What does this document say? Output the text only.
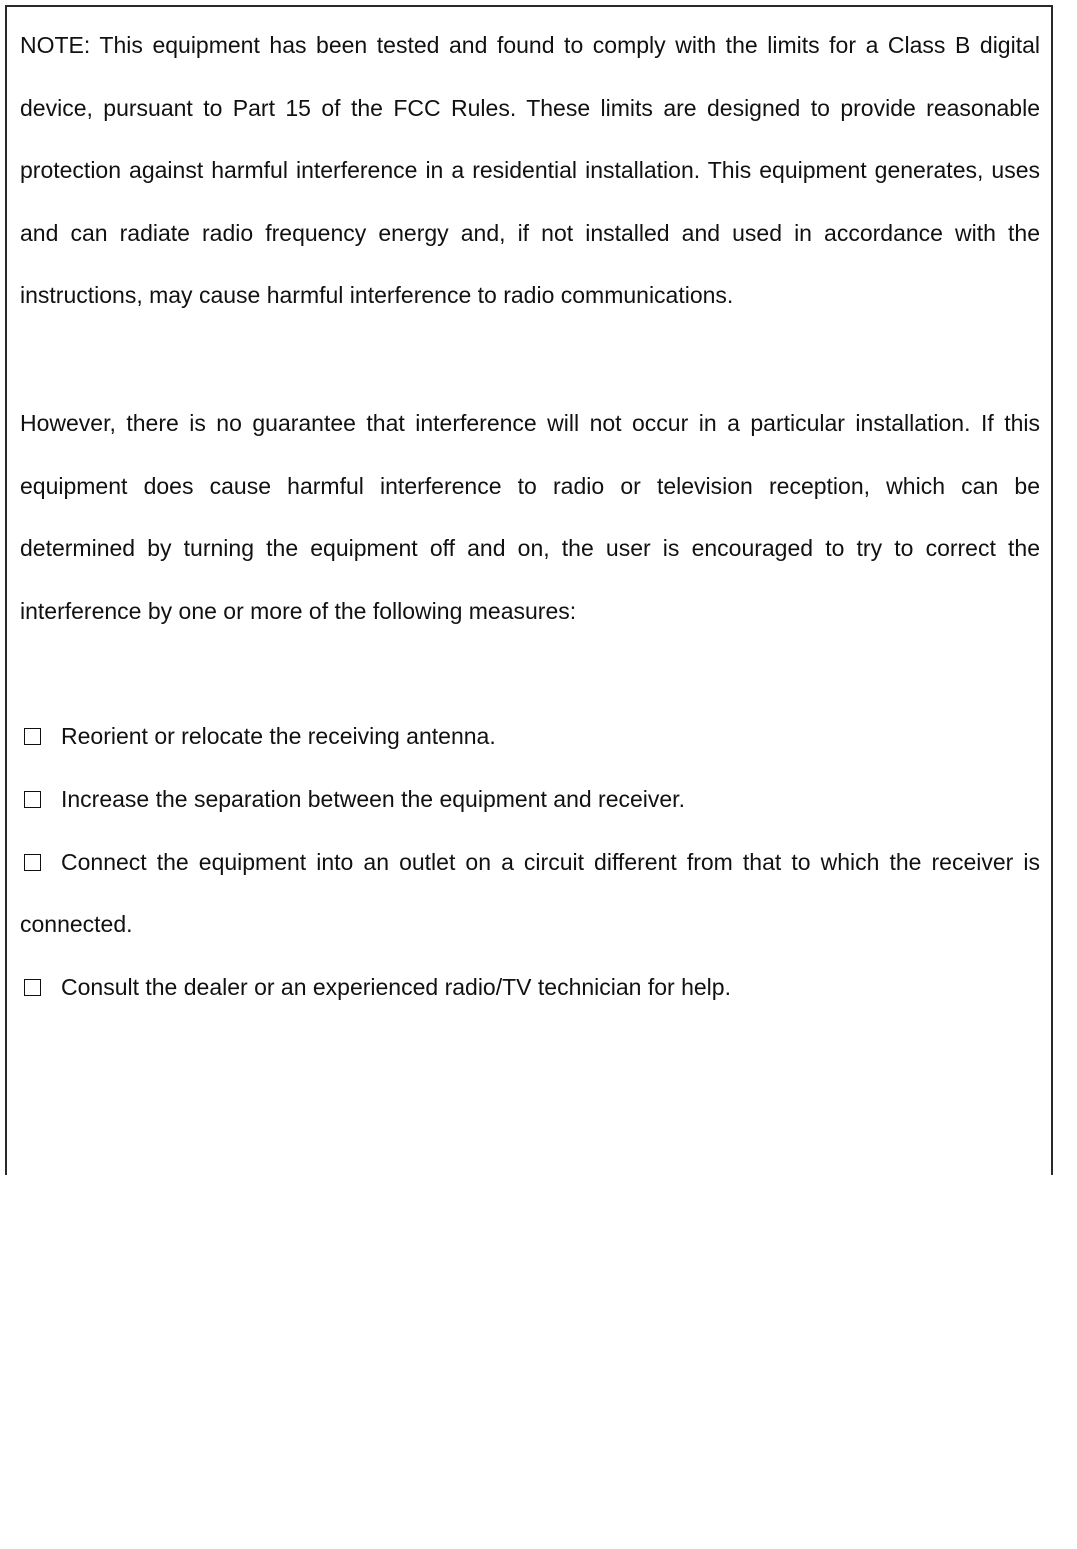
NOTE: This equipment has been tested and found to comply with the limits for a Class B digital device, pursuant to Part 15 of the FCC Rules. These limits are designed to provide reasonable protection against harmful interference in a residential installation. This equipment generates, uses and can radiate radio frequency energy and, if not installed and used in accordance with the instructions, may cause harmful interference to radio communications.

However, there is no guarantee that interference will not occur in a particular installation. If this equipment does cause harmful interference to radio or television reception, which can be determined by turning the equipment off and on, the user is encouraged to try to correct the interference by one or more of the following measures:

Reorient or relocate the receiving antenna.
Increase the separation between the equipment and receiver.
Connect the equipment into an outlet on a circuit different from that to which the receiver is connected.
Consult the dealer or an experienced radio/TV technician for help.
